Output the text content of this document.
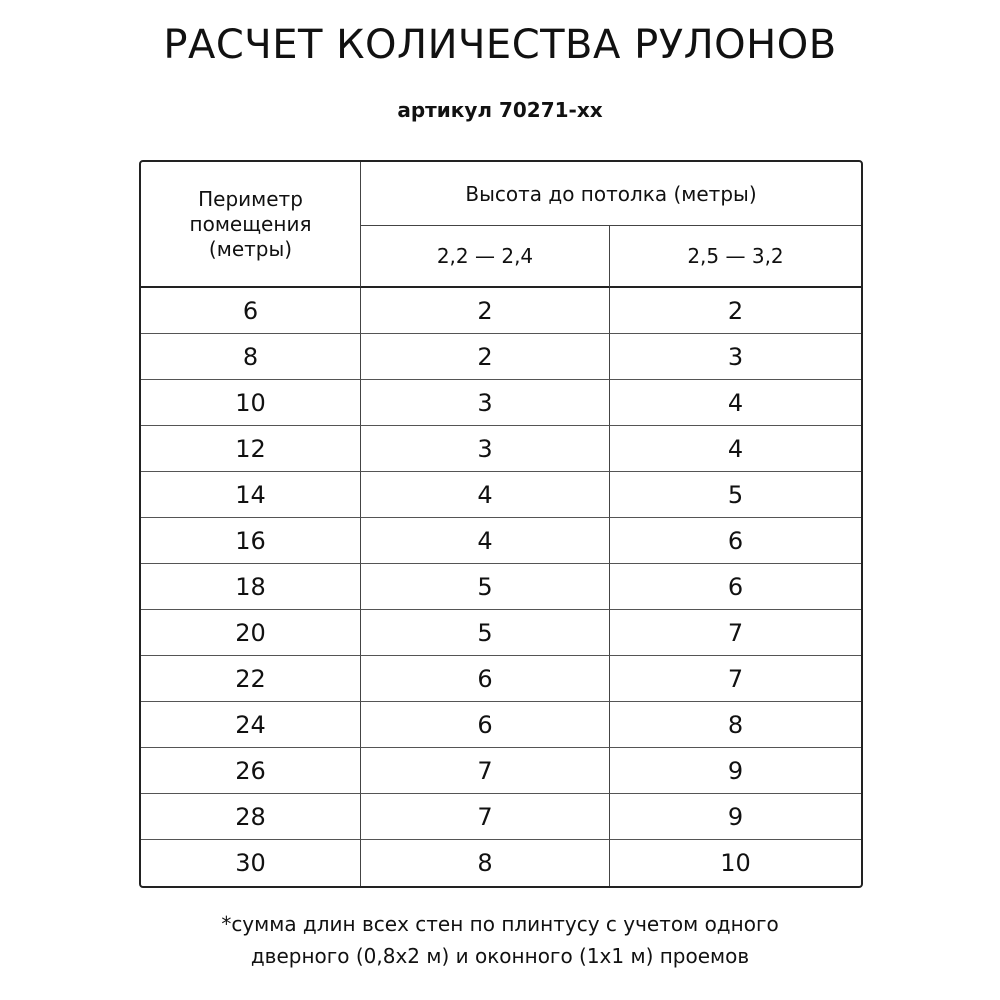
РАСЧЕТ КОЛИЧЕСТВА РУЛОНОВ
артикул 70271-хх
Периметр помещения (метры)	Высота до потолка (метры)	
	2,2 — 2,4	2,5 — 3,2
6	2	2
8	2	3
10	3	4
12	3	4
14	4	5
16	4	6
18	5	6
20	5	7
22	6	7
24	6	8
26	7	9
28	7	9
30	8	10
*сумма длин всех стен по плинтусу с учетом одного
дверного (0,8x2 м) и оконного (1x1 м) проемов
